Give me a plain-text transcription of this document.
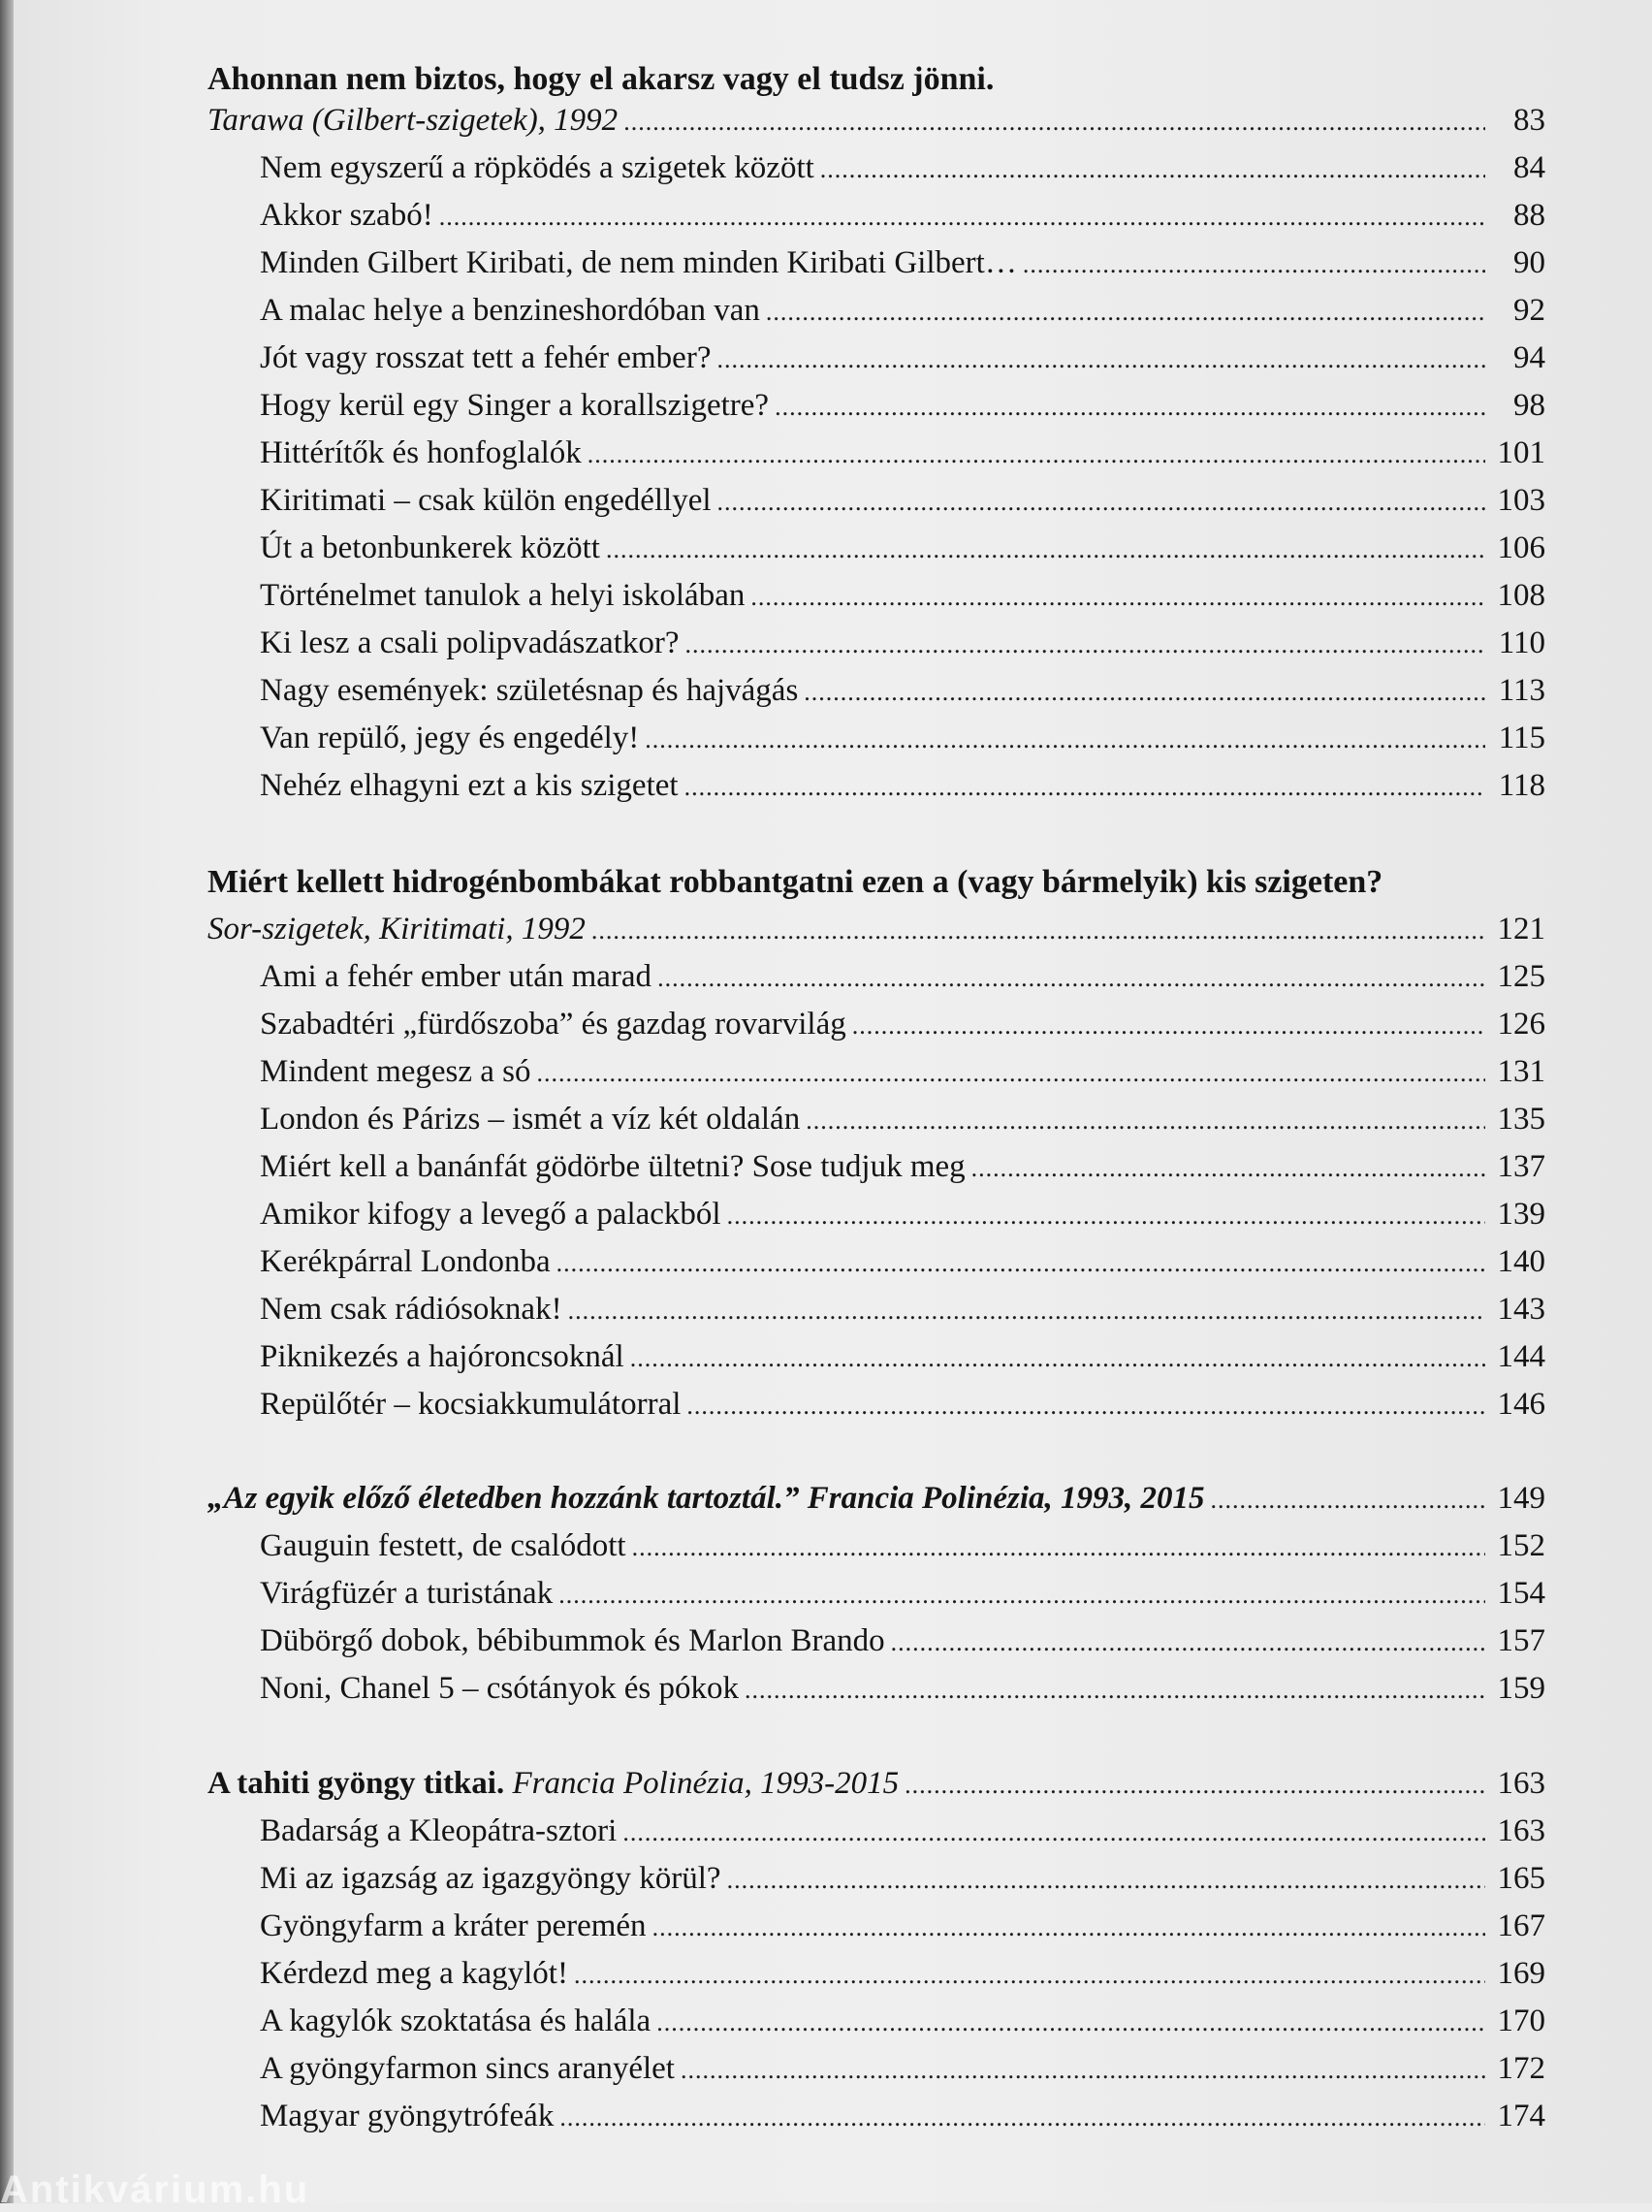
Ahonnan nem biztos, hogy el akarsz vagy el tudsz jönni.
Tarawa (Gilbert-szigetek), 1992 .....	83
Nem egyszerű a röpködés a szigetek között .....	84
Akkor szabó! .....	88
Minden Gilbert Kiribati, de nem minden Kiribati Gilbert… .....	90
A malac helye a benzineshordóban van .....	92
Jót vagy rosszat tett a fehér ember? .....	94
Hogy kerül egy Singer a korallszigetre? .....	98
Hittérítők és honfoglalók .....	101
Kiritimati – csak külön engedéllyel .....	103
Út a betonbunkerek között .....	106
Történelmet tanulok a helyi iskolában .....	108
Ki lesz a csali polipvadászatkor? .....	110
Nagy események: születésnap és hajvágás .....	113
Van repülő, jegy és engedély! .....	115
Nehéz elhagyni ezt a kis szigetet .....	118
Miért kellett hidrogénbombákat robbantgatni ezen a (vagy bármelyik) kis szigeten?
Sor-szigetek, Kiritimati, 1992 .....	121
Ami a fehér ember után marad .....	125
Szabadtéri „fürdőszoba” és gazdag rovarvilág .....	126
Mindent megesz a só .....	131
London és Párizs – ismét a víz két oldalán .....	135
Miért kell a banánfát gödörbe ültetni? Sose tudjuk meg .....	137
Amikor kifogy a levegő a palackból .....	139
Kerékpárral Londonba .....	140
Nem csak rádiósoknak! .....	143
Piknikezés a hajóroncsoknál .....	144
Repülőtér – kocsiakkumulátorral .....	146
„Az egyik előző életedben hozzánk tartoztál.” Francia Polinézia, 1993, 2015 .....	149
Gauguin festett, de csalódott .....	152
Virágfüzér a turistának .....	154
Dübörgő dobok, bébibummok és Marlon Brando .....	157
Noni, Chanel 5 – csótányok és pókok .....	159
A tahiti gyöngy titkai. Francia Polinézia, 1993-2015 .....	163
Badarság a Kleopátra-sztori .....	163
Mi az igazság az igazgyöngy körül? .....	165
Gyöngyfarm a kráter peremén .....	167
Kérdezd meg a kagylót! .....	169
A kagylók szoktatása és halála .....	170
A gyöngyfarmon sincs aranyélet .....	172
Magyar gyöngytrófeák .....	174
Antikvárium.hu
